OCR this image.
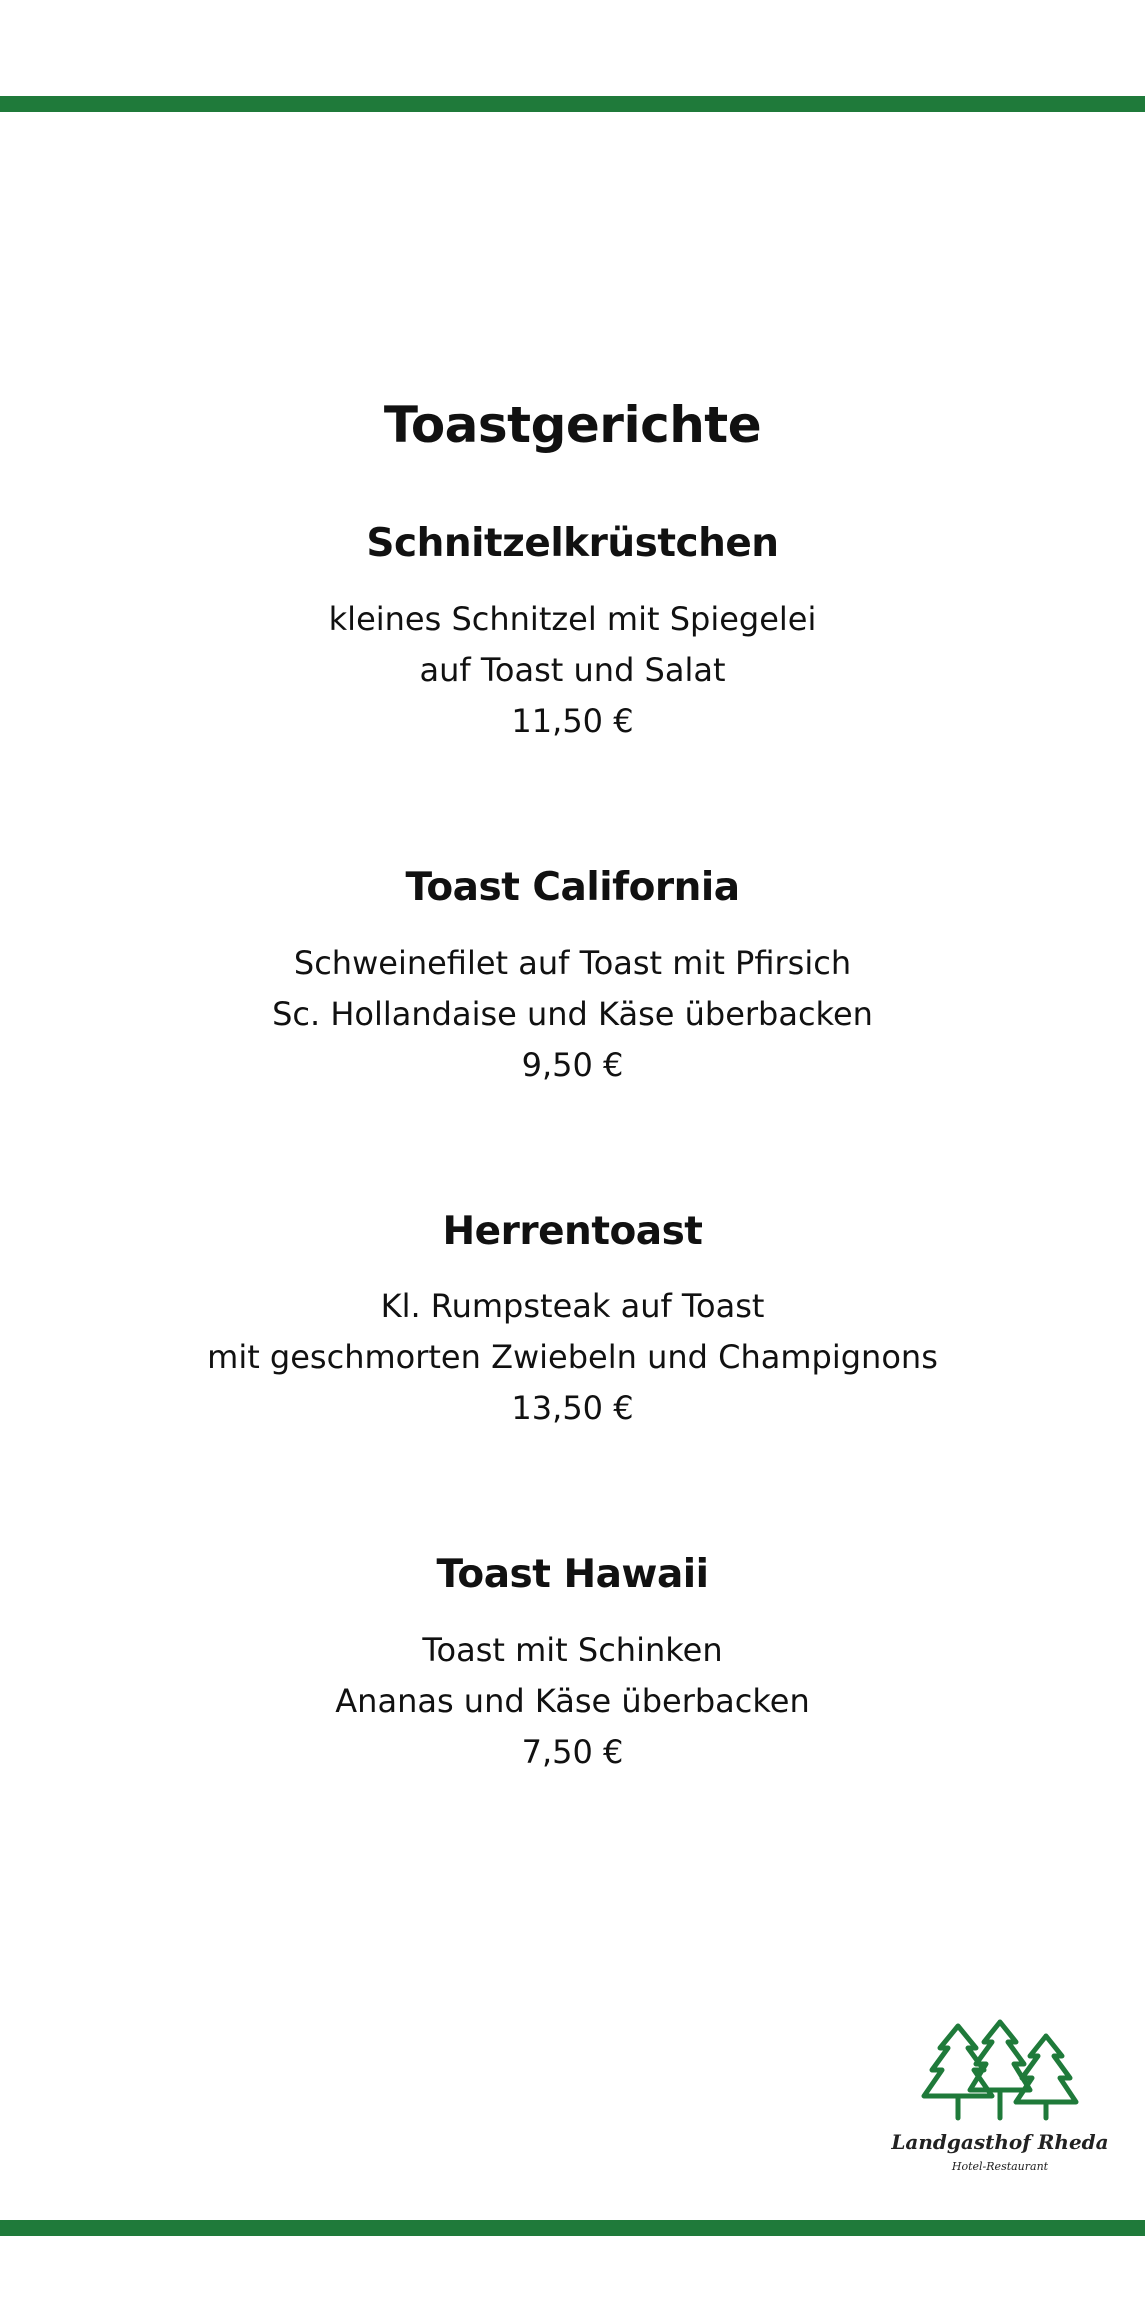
Toastgerichte
Schnitzelkrüstchen

kleines Schnitzel mit Spiegelei

auf Toast und Salat

11,50 €

Toast California

Schweinefilet auf Toast mit Pfirsich

Sc. Hollandaise und Käse überbacken

9,50 €

Herrentoast

Kl. Rumpsteak auf Toast

mit geschmorten Zwiebeln und Champignons

13,50 €

Toast Hawaii

Toast mit Schinken

Ananas und Käse überbacken

7,50 €

Landgasthof Rheda
Hotel-Restaurant
